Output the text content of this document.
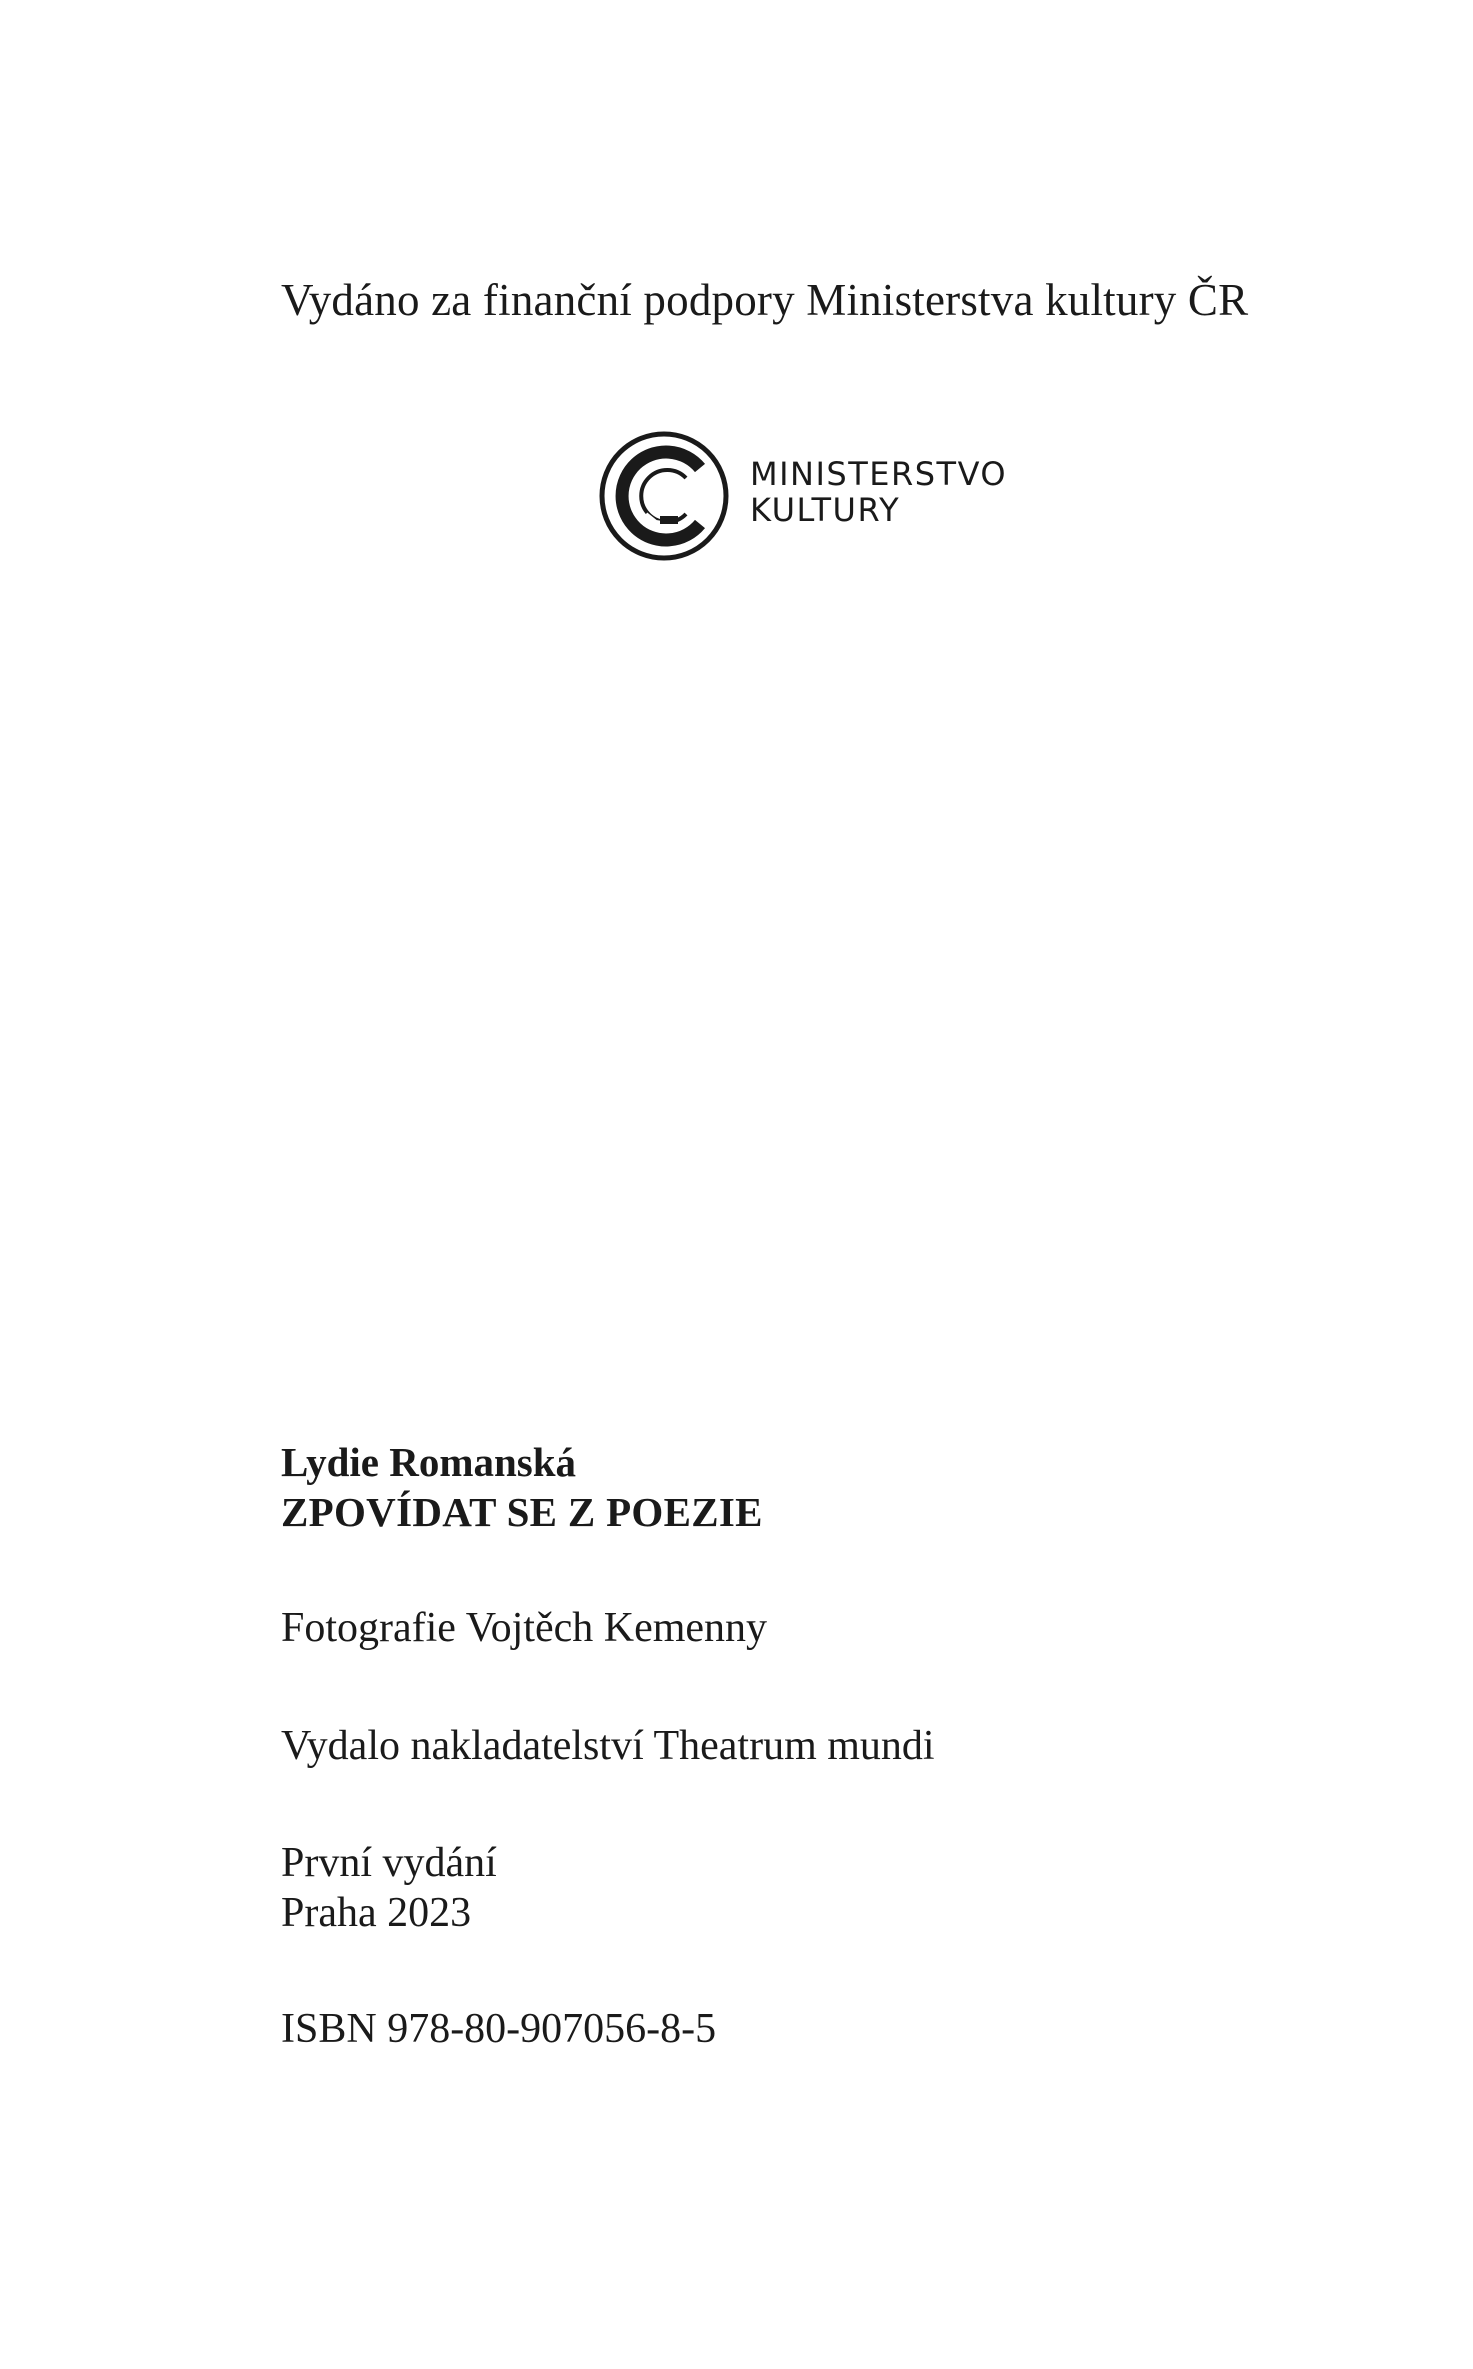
Vydáno za finanční podpory Ministerstva kultury ČR
MINISTERSTVO
KULTURY

Lydie Romanská

ZPOVÍDAT SE Z POEZIE

Fotografie Vojtěch Kemenny

Vydalo nakladatelství Theatrum mundi

První vydání

Praha 2023

ISBN 978-80-907056-8-5
